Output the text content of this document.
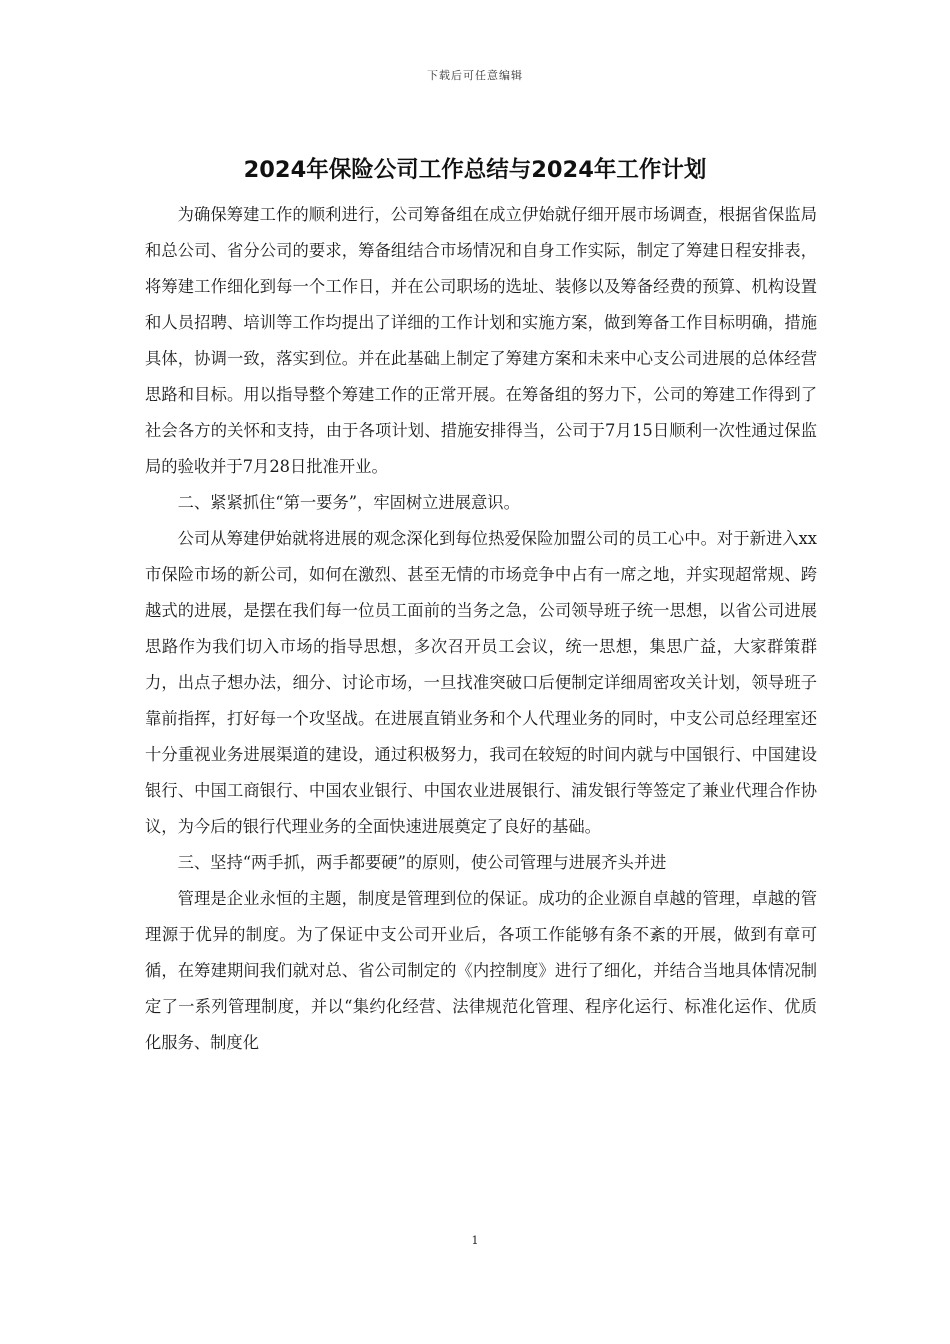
下载后可任意编辑
2024年保险公司工作总结与2024年工作计划

为确保筹建工作的顺利进行，公司筹备组在成立伊始就仔细开展市场调查，根据省保监局和总公司、省分公司的要求，筹备组结合市场情况和自身工作实际，制定了筹建日程安排表，将筹建工作细化到每一个工作日，并在公司职场的选址、装修以及筹备经费的预算、机构设置和人员招聘、培训等工作均提出了详细的工作计划和实施方案，做到筹备工作目标明确，措施具体，协调一致，落实到位。并在此基础上制定了筹建方案和未来中心支公司进展的总体经营思路和目标。用以指导整个筹建工作的正常开展。在筹备组的努力下，公司的筹建工作得到了社会各方的关怀和支持，由于各项计划、措施安排得当，公司于7月15日顺利一次性通过保监局的验收并于7月28日批准开业。

二、紧紧抓住“第一要务”，牢固树立进展意识。

公司从筹建伊始就将进展的观念深化到每位热爱保险加盟公司的员工心中。对于新进入xx市保险市场的新公司，如何在激烈、甚至无情的市场竞争中占有一席之地，并实现超常规、跨越式的进展，是摆在我们每一位员工面前的当务之急，公司领导班子统一思想，以省公司进展思路作为我们切入市场的指导思想，多次召开员工会议，统一思想，集思广益，大家群策群力，出点子想办法，细分、讨论市场，一旦找准突破口后便制定详细周密攻关计划，领导班子靠前指挥，打好每一个攻坚战。在进展直销业务和个人代理业务的同时，中支公司总经理室还十分重视业务进展渠道的建设，通过积极努力，我司在较短的时间内就与中国银行、中国建设银行、中国工商银行、中国农业银行、中国农业进展银行、浦发银行等签定了兼业代理合作协议，为今后的银行代理业务的全面快速进展奠定了良好的基础。

三、坚持“两手抓，两手都要硬”的原则，使公司管理与进展齐头并进

管理是企业永恒的主题，制度是管理到位的保证。成功的企业源自卓越的管理，卓越的管理源于优异的制度。为了保证中支公司开业后，各项工作能够有条不紊的开展，做到有章可循，在筹建期间我们就对总、省公司制定的《内控制度》进行了细化，并结合当地具体情况制定了一系列管理制度，并以“集约化经营、法律规范化管理、程序化运行、标准化运作、优质化服务、制度化

1
